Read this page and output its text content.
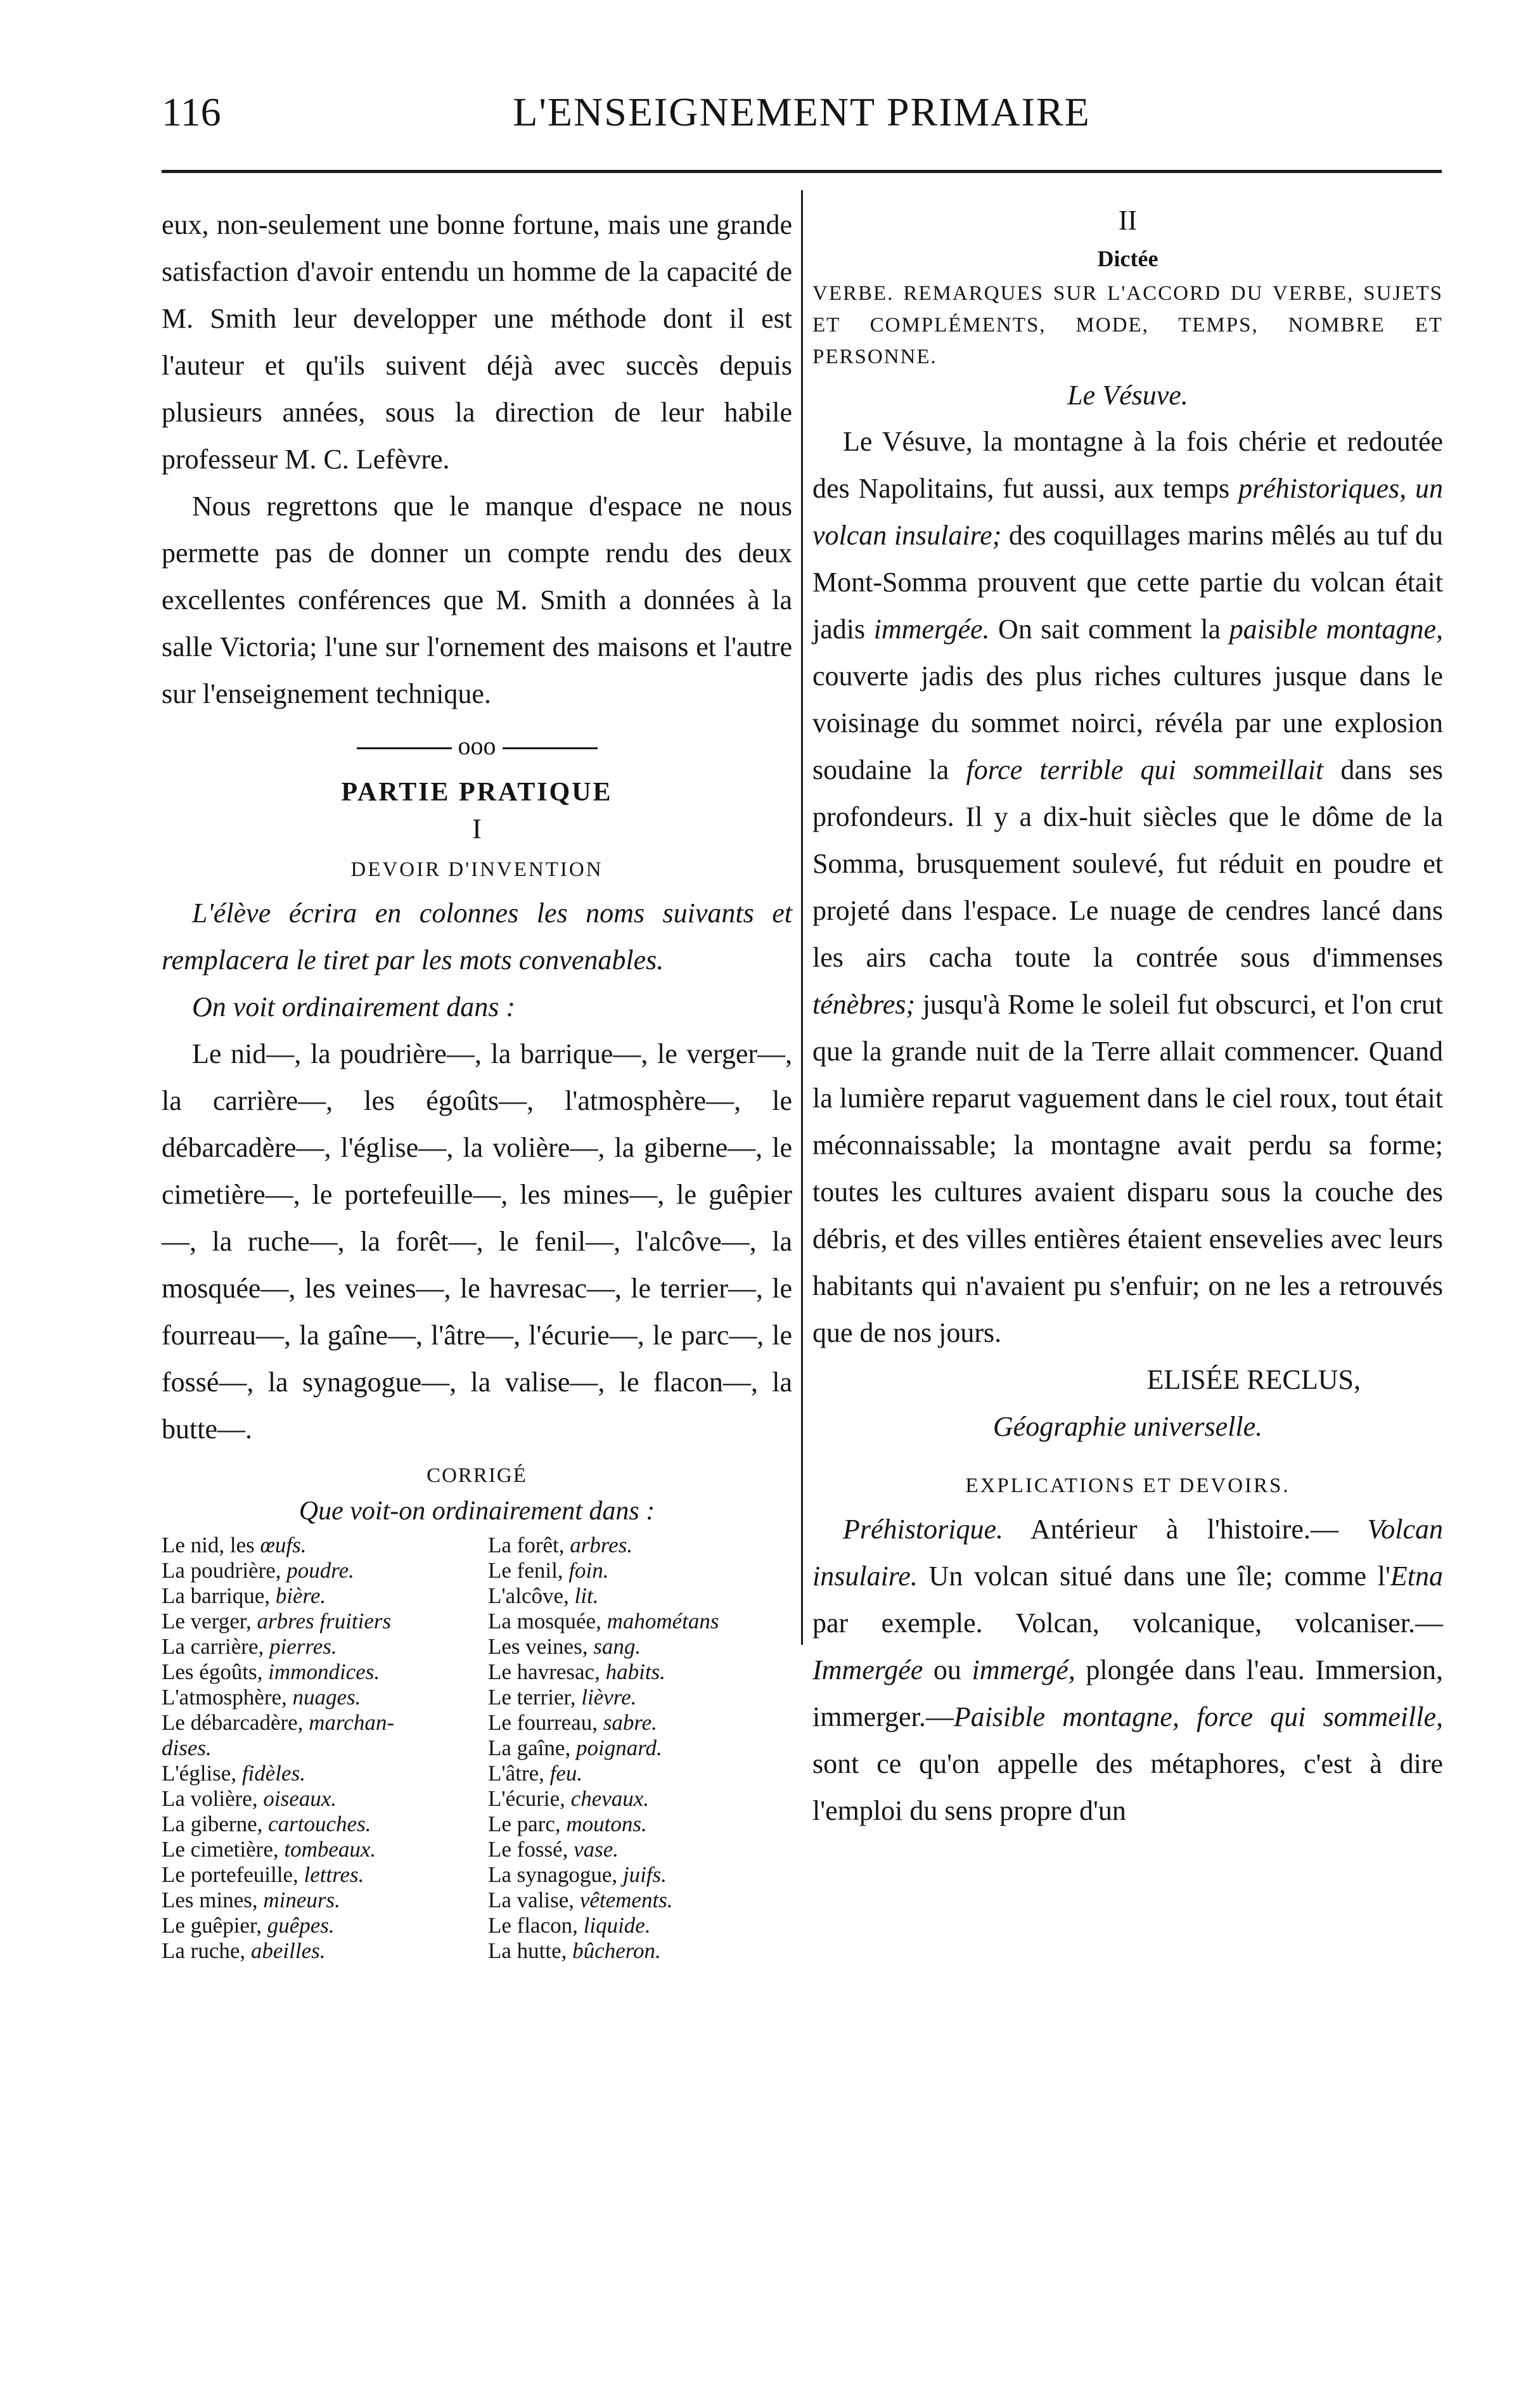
116	L'ENSEIGNEMENT PRIMAIRE

eux, non-seulement une bonne fortune, mais une grande satisfaction d'avoir entendu un homme de la capacité de M. Smith leur developper une méthode dont il est l'auteur et qu'ils suivent déjà avec succès depuis plusieurs années, sous la direction de leur habile professeur M. C. Lefèvre.

Nous regrettons que le manque d'espace ne nous permette pas de donner un compte rendu des deux excellentes conférences que M. Smith a données à la salle Victoria; l'une sur l'ornement des maisons et l'autre sur l'enseignement technique.

ooo

PARTIE PRATIQUE

I

DEVOIR D'INVENTION

L'élève écrira en colonnes les noms suivants et remplacera le tiret par les mots convenables.

On voit ordinairement dans :

Le nid—, la poudrière—, la barrique—, le verger—, la carrière—, les égoûts—, l'atmosphère—, le débarcadère—, l'église—, la volière—, la giberne—, le cimetière—, le portefeuille—, les mines—, le guêpier—, la ruche—, la forêt—, le fenil—, l'alcôve—, la mosquée—, les veines—, le havresac—, le terrier—, le fourreau—, la gaîne—, l'âtre—, l'écurie—, le parc—, le fossé—, la synagogue—, la valise—, le flacon—, la butte—.

CORRIGÉ

Que voit-on ordinairement dans :

Le nid, les œufs.	La forêt, arbres.
La poudrière, poudre.	Le fenil, foin.
La barrique, bière.	L'alcôve, lit.
Le verger, arbres fruitiers	La mosquée, mahométans
La carrière, pierres.	Les veines, sang.
Les égoûts, immondices.	Le havresac, habits.
L'atmosphère, nuages.	Le terrier, lièvre.
Le débarcadère, marchan-	Le fourreau, sabre.
dises.	La gaîne, poignard.
L'église, fidèles.	L'âtre, feu.
La volière, oiseaux.	L'écurie, chevaux.
La giberne, cartouches.	Le parc, moutons.
Le cimetière, tombeaux.	Le fossé, vase.
Le portefeuille, lettres.	La synagogue, juifs.
Les mines, mineurs.	La valise, vêtements.
Le guêpier, guêpes.	Le flacon, liquide.
La ruche, abeilles.	La hutte, bûcheron.

II

Dictée

VERBE. REMARQUES SUR L'ACCORD DU VERBE, SUJETS ET COMPLÉMENTS, MODE, TEMPS, NOMBRE ET PERSONNE.

Le Vésuve.

Le Vésuve, la montagne à la fois chérie et redoutée des Napolitains, fut aussi, aux temps préhistoriques, un volcan insulaire; des coquillages marins mêlés au tuf du Mont-Somma prouvent que cette partie du volcan était jadis immergée. On sait comment la paisible montagne, couverte jadis des plus riches cultures jusque dans le voisinage du sommet noirci, révéla par une explosion soudaine la force terrible qui sommeillait dans ses profondeurs. Il y a dix-huit siècles que le dôme de la Somma, brusquement soulevé, fut réduit en poudre et projeté dans l'espace. Le nuage de cendres lancé dans les airs cacha toute la contrée sous d'immenses ténèbres; jusqu'à Rome le soleil fut obscurci, et l'on crut que la grande nuit de la Terre allait commencer. Quand la lumière reparut vaguement dans le ciel roux, tout était méconnaissable; la montagne avait perdu sa forme; toutes les cultures avaient disparu sous la couche des débris, et des villes entières étaient ensevelies avec leurs habitants qui n'avaient pu s'enfuir; on ne les a retrouvés que de nos jours.

ELISÉE RECLUS,

Géographie universelle.

EXPLICATIONS ET DEVOIRS.

Préhistorique. Antérieur à l'histoire.— Volcan insulaire. Un volcan situé dans une île; comme l'Etna par exemple. Volcan, volcanique, volcaniser.—Immergée ou immergé, plongée dans l'eau. Immersion, immerger.—Paisible montagne, force qui sommeille, sont ce qu'on appelle des métaphores, c'est à dire l'emploi du sens propre d'un
